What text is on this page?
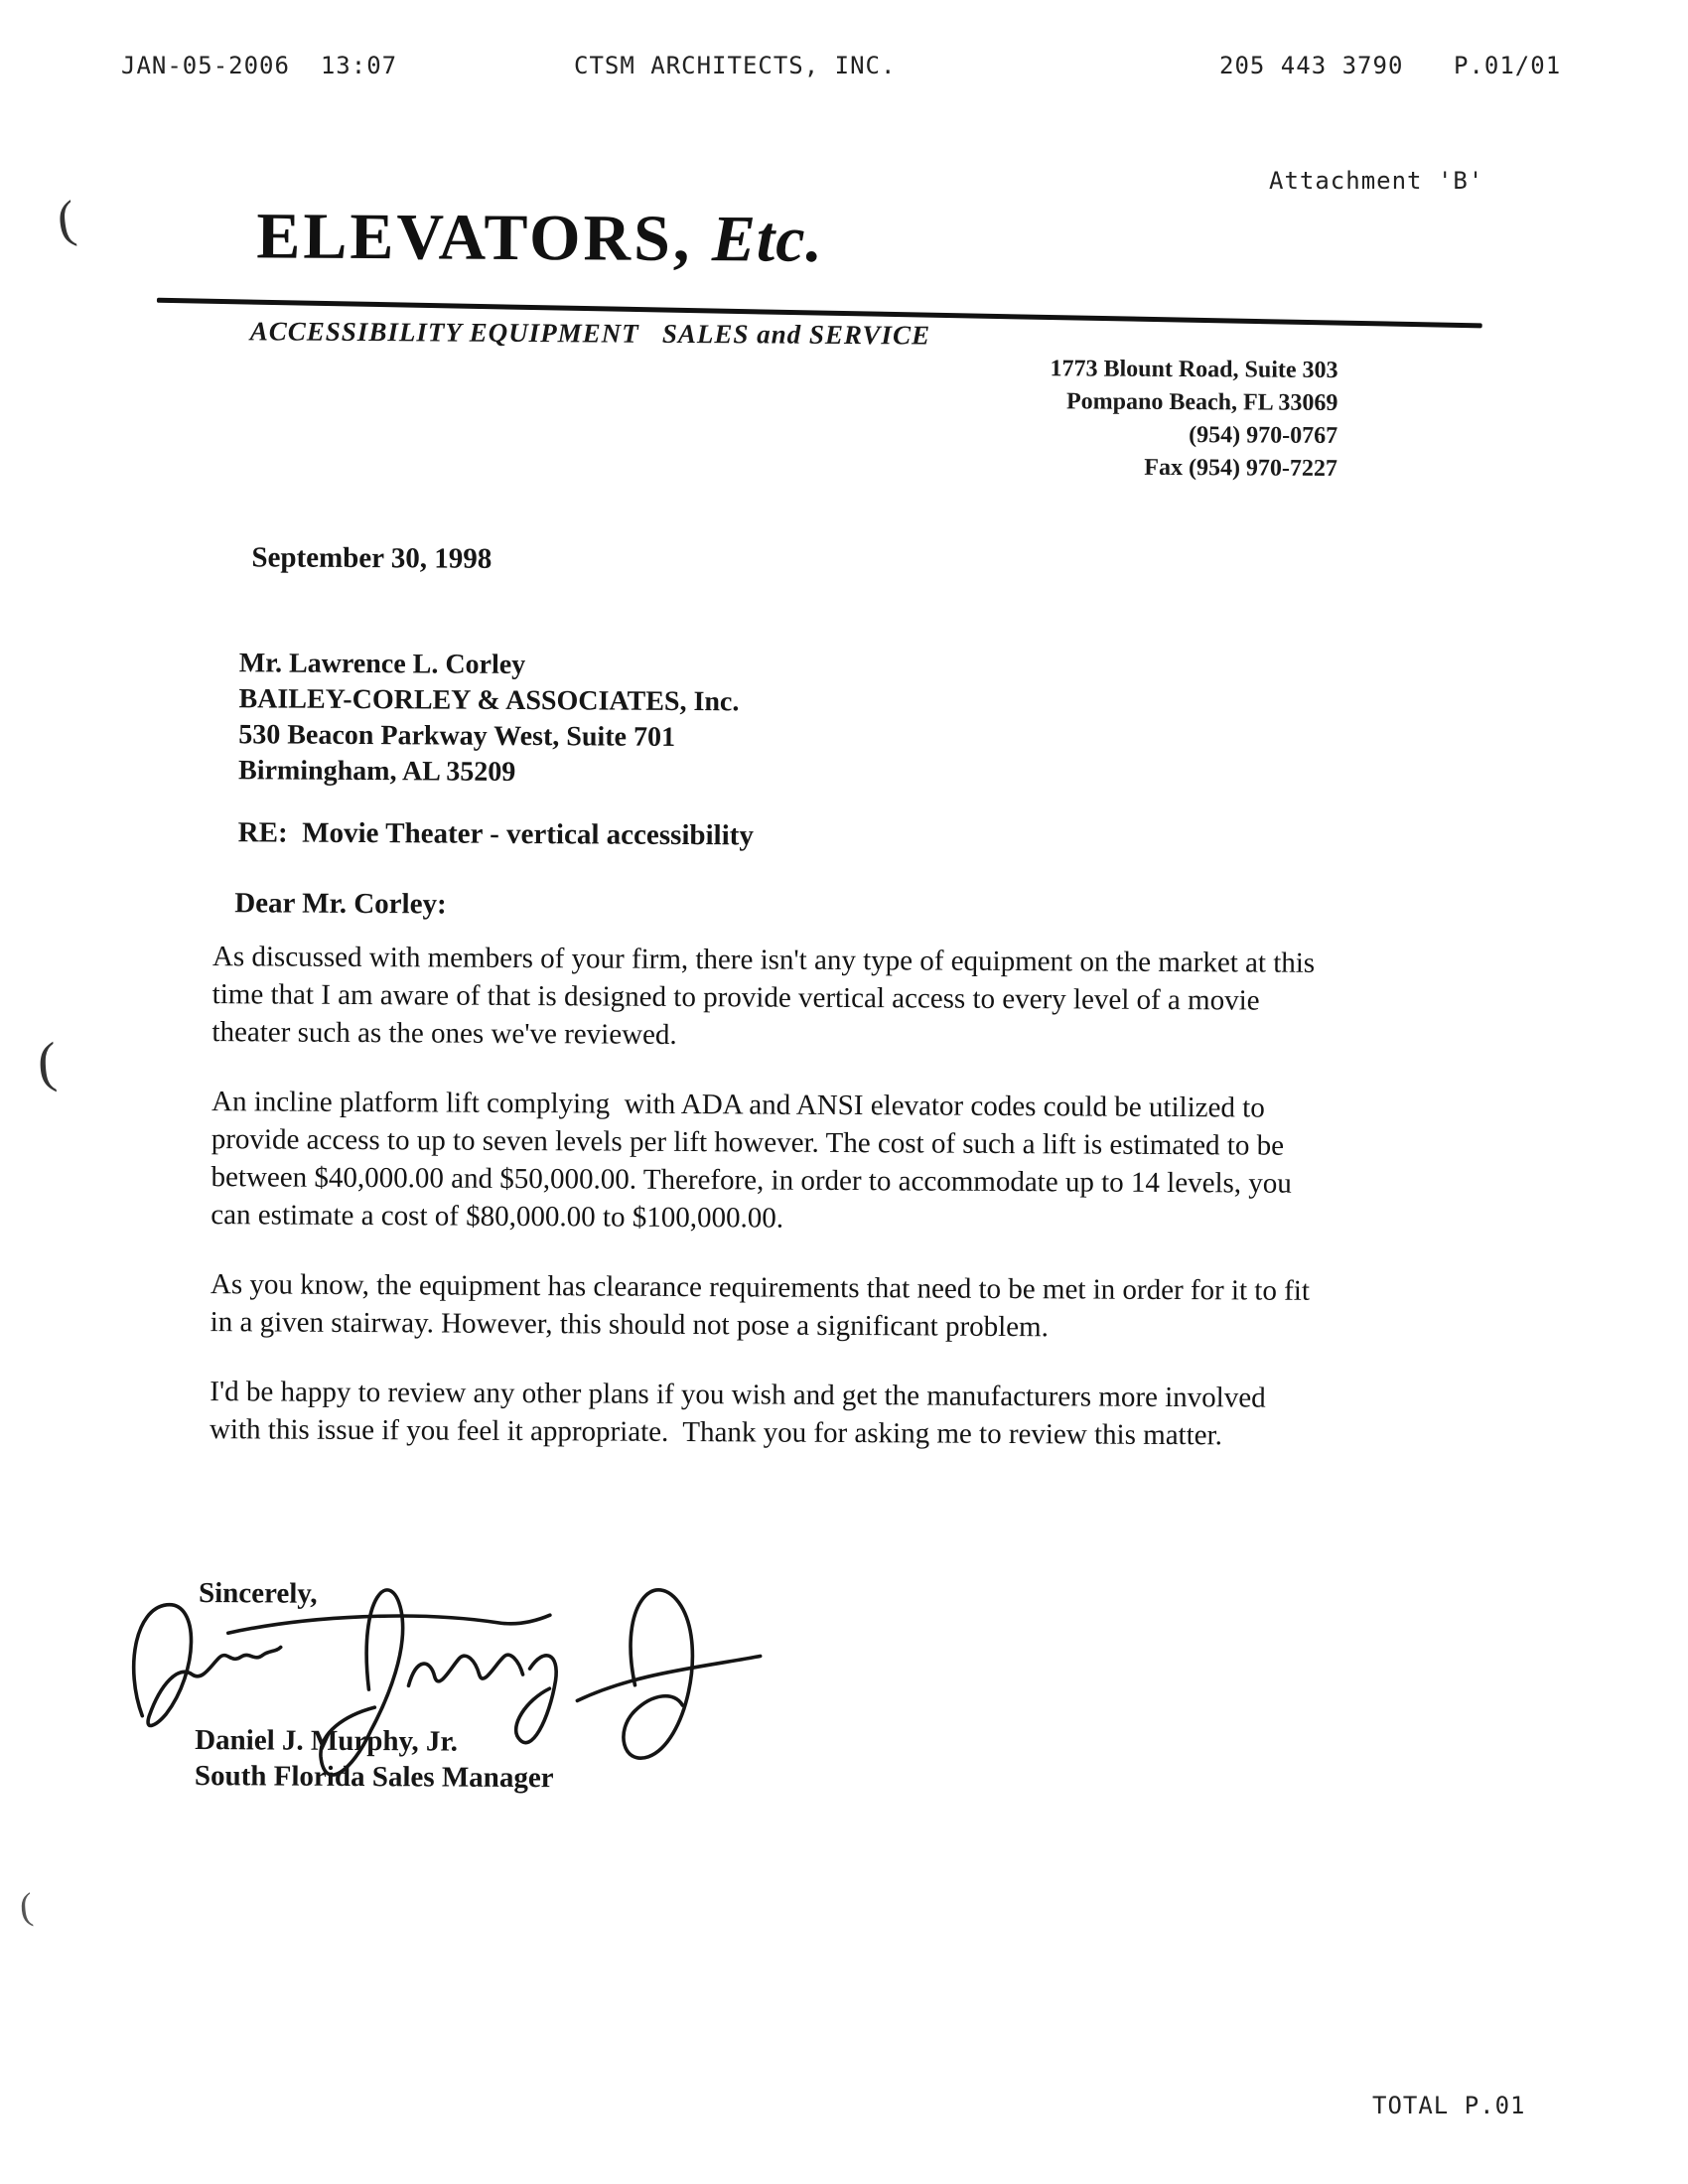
JAN-05-2006  13:07

	CTSM ARCHITECTS, INC.

	205 443 3790

P.01/01

Attachment 'B'
ELEVATORS, Etc.
ACCESSIBILITY EQUIPMENT   SALES and SERVICE
1773 Blount Road, Suite 303
Pompano Beach, FL 33069
(954) 970-0767
Fax (954) 970-7227
September 30, 1998
Mr. Lawrence L. Corley
BAILEY-CORLEY & ASSOCIATES, Inc.
530 Beacon Parkway West, Suite 701
Birmingham, AL 35209
RE:  Movie Theater - vertical accessibility
Dear Mr. Corley:

As discussed with members of your firm, there isn't any type of equipment on the market at this time that I am aware of that is designed to provide vertical access to every level of a movie theater such as the ones we've reviewed.

An incline platform lift complying  with ADA and ANSI elevator codes could be utilized to provide access to up to seven levels per lift however. The cost of such a lift is estimated to be between $40,000.00 and $50,000.00. Therefore, in order to accommodate up to 14 levels, you can estimate a cost of $80,000.00 to $100,000.00.

As you know, the equipment has clearance requirements that need to be met in order for it to fit in a given stairway. However, this should not pose a significant problem.

I'd be happy to review any other plans if you wish and get the manufacturers more involved with this issue if you feel it appropriate.  Thank you for asking me to review this matter.

Sincerely,
Daniel J. Murphy, Jr.
South Florida Sales Manager
(
(
(
TOTAL P.01
